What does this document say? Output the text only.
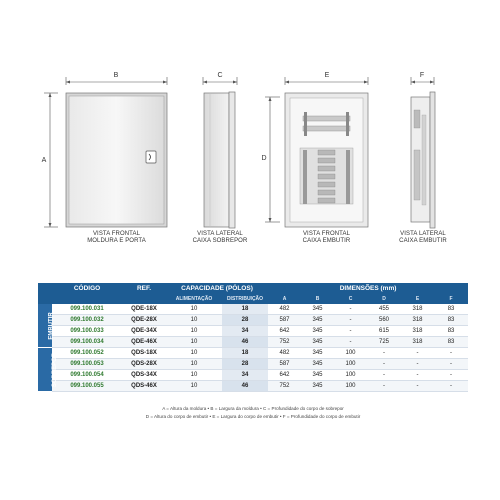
B
A
C	E
D
F
VISTA FRONTAL
MOLDURA E PORTA
VISTA LATERAL
CAIXA SOBREPOR
VISTA FRONTAL
CAIXA EMBUTIR
VISTA LATERAL
CAIXA EMBUTIR
	CÓDIGO	REF.	CAPACIDADE (PÓLOS)		DIMENSÕES (mm)					
			ALIMENTAÇÃO	DISTRIBUIÇÃO	A	B	C	D	E	F
EMBUTIR	099.100.031	QDE-18X	10	18	482	345	-	455	318	83
	099.100.032	QDE-28X	10	28	587	345	-	560	318	83
	099.100.033	QDE-34X	10	34	642	345	-	615	318	83
	099.100.034	QDE-46X	10	46	752	345	-	725	318	83
SOBREPOR	099.100.052	QDS-18X	10	18	482	345	100	-	-	-
	099.100.053	QDS-28X	10	28	587	345	100	-	-	-
	099.100.054	QDS-34X	10	34	642	345	100	-	-	-
	099.100.055	QDS-46X	10	46	752	345	100	-	-	-
A = Altura da moldura • B = Largura da moldura • C = Profundidade do corpo de sobrepor
D = Altura do corpo de embutir • E = Largura do corpo de embutir • F = Profundidade do corpo de embutir
